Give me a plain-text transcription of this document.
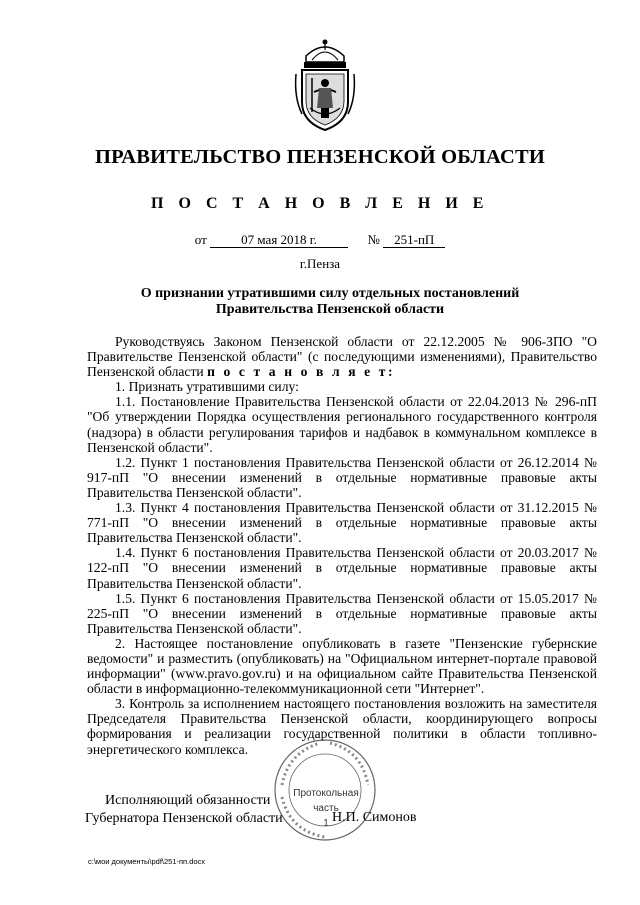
ПРАВИТЕЛЬСТВО ПЕНЗЕНСКОЙ ОБЛАСТИ
П О С Т А Н О В Л Е Н И Е
от	07 мая 2018 г.	№ 251-пП
г.Пенза
О признании утратившими силу отдельных постановлений
Правительства Пензенской области

Руководствуясь Законом Пензенской области от 22.12.2005 № 906-ЗПО "О Правительстве Пензенской области" (с последующими изменениями), Правительство Пензенской области п о с т а н о в л я е т:

1. Признать утратившими силу:

1.1. Постановление Правительства Пензенской области от 22.04.2013 № 296-пП "Об утверждении Порядка осуществления регионального государственного контроля (надзора) в области регулирования тарифов и надбавок в коммунальном комплексе в Пензенской области".

1.2. Пункт 1 постановления Правительства Пензенской области от 26.12.2014 № 917-пП "О внесении изменений в отдельные нормативные правовые акты Правительства Пензенской области".

1.3. Пункт 4 постановления Правительства Пензенской области от 31.12.2015 № 771-пП "О внесении изменений в отдельные нормативные правовые акты Правительства Пензенской области".

1.4. Пункт 6 постановления Правительства Пензенской области от 20.03.2017 № 122-пП "О внесении изменений в отдельные нормативные правовые акты Правительства Пензенской области".

1.5. Пункт 6 постановления Правительства Пензенской области от 15.05.2017 № 225-пП "О внесении изменений в отдельные нормативные правовые акты Правительства Пензенской области".

2. Настоящее постановление опубликовать в газете "Пензенские губернские ведомости" и разместить (опубликовать) на "Официальном интернет-портале правовой информации" (www.pravo.gov.ru) и на официальном сайте Правительства Пензенской области в информационно-телекоммуникационной сети "Интернет".

3. Контроль за исполнением настоящего постановления возложить на заместителя Председателя Правительства Пензенской области, координирующего вопросы формирования и реализации государственной политики в области топливно-энергетического комплекса.

Протокольная
часть
1
Исполняющий обязанности
Губернатора Пензенской области	Н.П. Симонов
c:\мои документы\pdf\251-пп.docx
